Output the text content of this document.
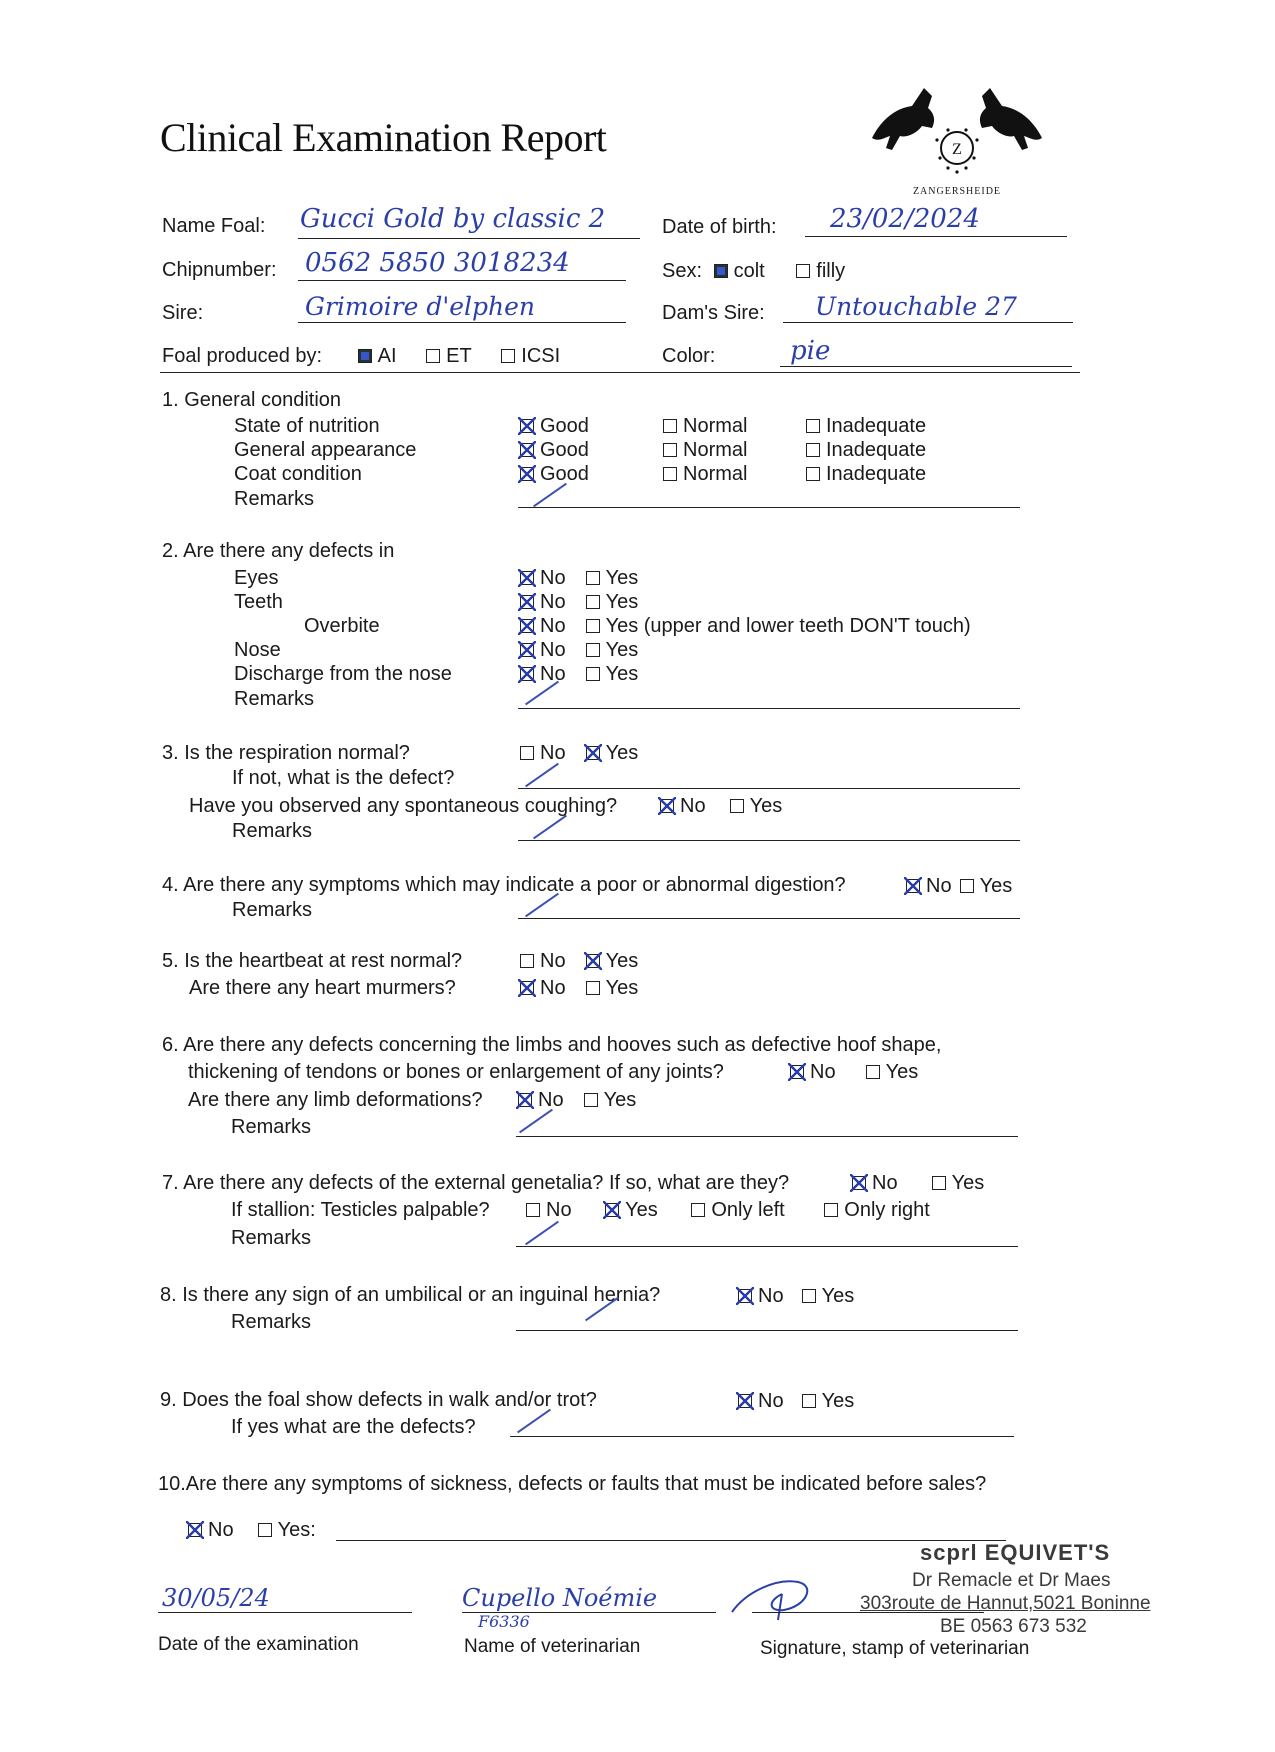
Clinical Examination Report	Z
ZANGERSHEIDE
Name Foal: Gucci Gold by classic 2	Date of birth: 23/02/2024
Chipnumber: 0562 5850 3018234	Sex: colt	filly
Sire:	Grimoire d'elphen	Dam's Sire: Untouchable 27
Foal produced by:	AI ET ICSI	Color:	pie
1. General condition
State of nutrition	Good	Normal	Inadequate
General appearance	Good	Normal	Inadequate
Coat condition	Good	Normal	Inadequate
Remarks
2. Are there any defects in
Eyes	No Yes
Teeth	No Yes
Overbite	No Yes (upper and lower teeth DON'T touch)
Nose	No Yes
Discharge from the nose	No Yes
Remarks
3. Is the respiration normal?	No Yes
If not, what is the defect?
Have you observed any spontaneous coughing?	No Yes
Remarks
4. Are there any symptoms which may indicate a poor or abnormal digestion?	No Yes
Remarks
5. Is the heartbeat at rest normal?	No Yes
Are there any heart murmers?	No Yes
6. Are there any defects concerning the limbs and hooves such as defective hoof shape,
thickening of tendons or bones or enlargement of any joints?	No	Yes
Are there any limb deformations?	No Yes
Remarks
7. Are there any defects of the external genetalia? If so, what are they?	No	Yes
If stallion: Testicles palpable?	No	Yes	Only left	Only right
Remarks
8. Is there any sign of an umbilical or an inguinal hernia?	No Yes
Remarks
9. Does the foal show defects in walk and/or trot?	No Yes
If yes what are the defects?
10.Are there any symptoms of sickness, defects or faults that must be indicated before sales?
No Yes:
30/05/24
Date of the examination
Cupello Noémie
F6336
Name of veterinarian
scprl EQUIVET'S
Dr Remacle et Dr Maes
303route de Hannut,5021 Boninne
BE 0563 673 532
Signature, stamp of veterinarian
